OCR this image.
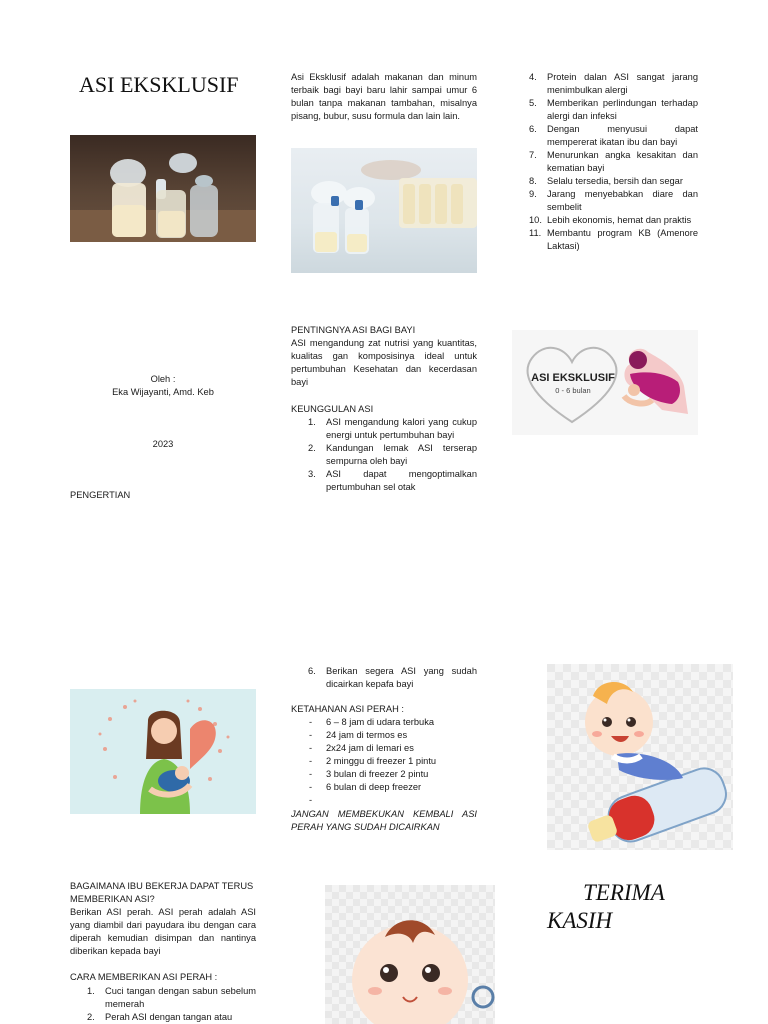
ASI EKSKLUSIF
Oleh :
Eka Wijayanti, Amd. Keb
2023
PENGERTIAN
BAGAIMANA IBU BEKERJA DAPAT TERUS MEMBERIKAN ASI?
Berikan ASI perah. ASI perah adalah ASI yang diambil dari payudara ibu dengan cara diperah kemudian disimpan dan nantinya diberikan kepada bayi
CARA MEMBERIKAN ASI PERAH :
1. Cuci tangan dengan sabun sebelum memerah
2. Perah ASI dengan tangan atau
Asi Eksklusif adalah makanan dan minum terbaik bagi bayi baru lahir sampai umur 6 bulan tanpa makanan tambahan, misalnya pisang, bubur, susu formula dan lain lain.
PENTINGNYA ASI BAGI BAYI
ASI mengandung zat nutrisi yang kuantitas, kualitas gan komposisinya ideal untuk pertumbuhan Kesehatan dan kecerdasan bayi
KEUNGGULAN ASI
1. ASI mengandung kalori yang cukup energi untuk pertumbuhan bayi
2. Kandungan lemak ASI terserap sempurna oleh bayi
3. ASI dapat mengoptimalkan pertumbuhan sel otak
6. Berikan segera ASI yang sudah dicairkan kepafa bayi
KETAHANAN ASI PERAH :
- 6 – 8 jam di udara terbuka
- 24 jam di termos es
- 2x24 jam di lemari es
- 2 minggu di freezer 1 pintu
- 3 bulan di freezer 2 pintu
- 6 bulan di deep freezer
-
JANGAN MEMBEKUKAN KEMBALI ASI PERAH YANG SUDAH DICAIRKAN
4. Protein dalan ASI sangat jarang menimbulkan alergi
5. Memberikan perlindungan terhadap alergi dan infeksi
6. Dengan menyusui dapat mempererat ikatan ibu dan bayi
7. Menurunkan angka kesakitan dan kematian bayi
8. Selalu tersedia, bersih dan segar
9. Jarang menyebabkan diare dan sembelit
10. Lebih ekonomis, hemat dan praktis
11. Membantu program KB (Amenore Laktasi)
ASI EKSKLUSIF
0 - 6 bulan
TERIMA
KASIH
